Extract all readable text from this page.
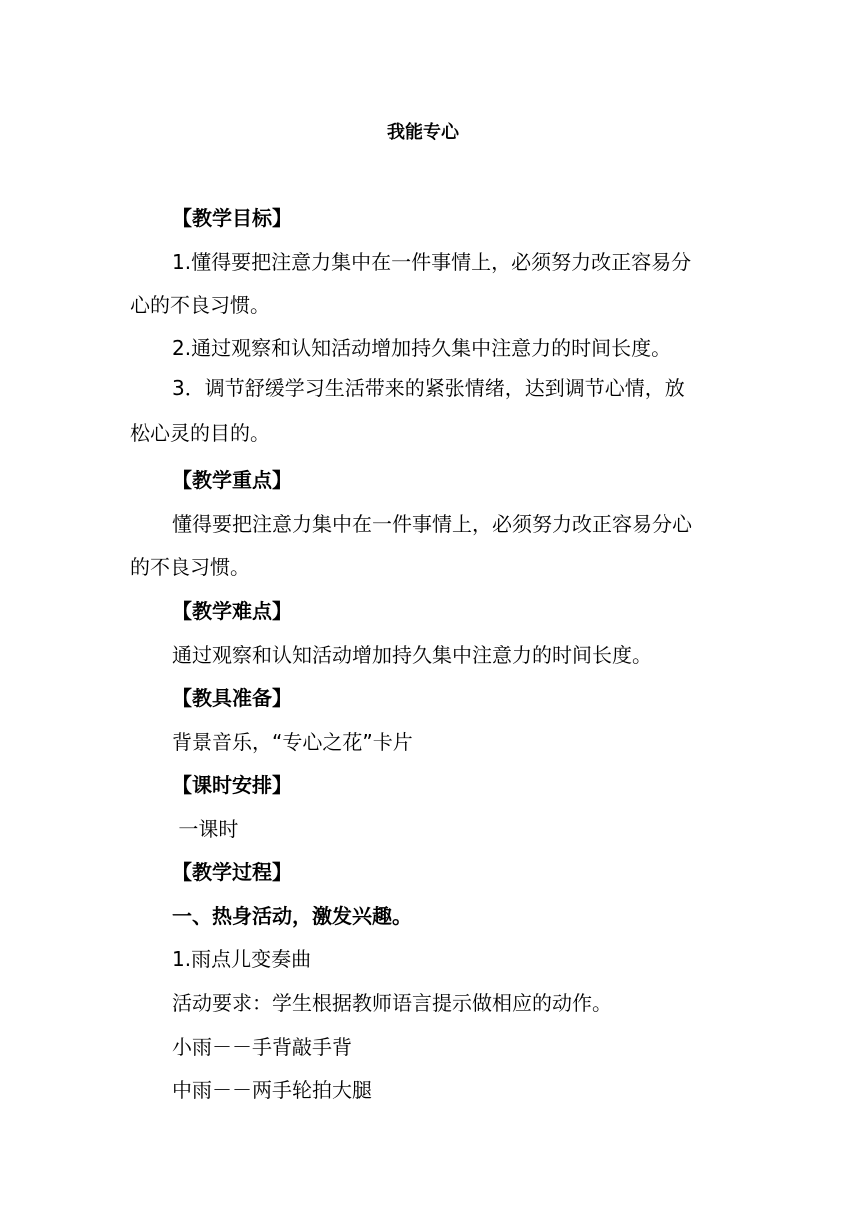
我能专心
【教学目标】
1.懂得要把注意力集中在一件事情上，必须努力改正容易分
心的不良习惯。
2.通过观察和认知活动增加持久集中注意力的时间长度。
3．调节舒缓学习生活带来的紧张情绪，达到调节心情，放
松心灵的目的。
【教学重点】
懂得要把注意力集中在一件事情上，必须努力改正容易分心
的不良习惯。
【教学难点】
通过观察和认知活动增加持久集中注意力的时间长度。
【教具准备】
背景音乐，“专心之花”卡片
【课时安排】
一课时
【教学过程】
一、热身活动，激发兴趣。
1.雨点儿变奏曲
活动要求：学生根据教师语言提示做相应的动作。
小雨－－手背敲手背
中雨－－两手轮拍大腿
